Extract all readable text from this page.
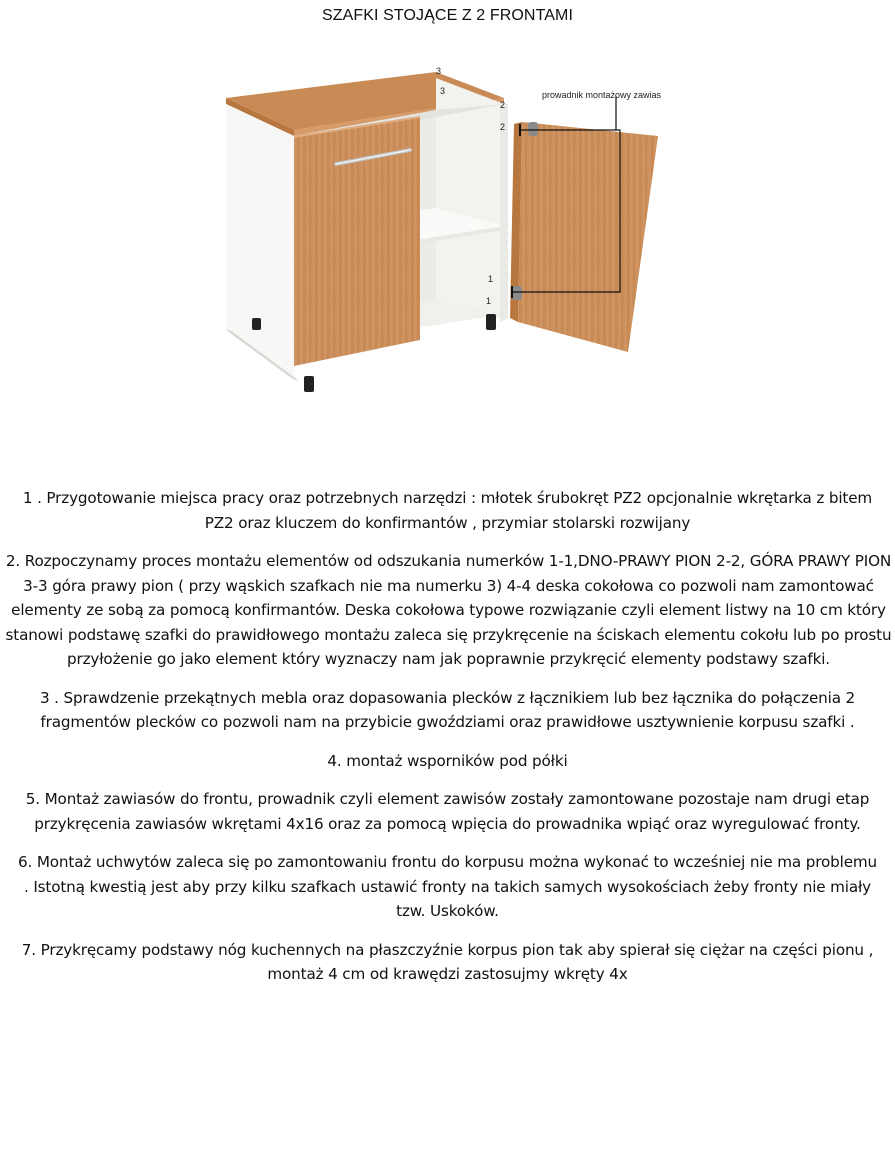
SZAFKI STOJĄCE Z 2 FRONTAMI
3
3
2
2
1
1
prowadnik montażowy zawias

1 . Przygotowanie miejsca pracy oraz potrzebnych narzędzi : młotek śrubokręt PZ2 opcjonalnie wkrętarka z bitem PZ2 oraz kluczem do konfirmantów , przymiar stolarski rozwijany

2. Rozpoczynamy proces montażu elementów od odszukania numerków 1-1,DNO-PRAWY PION 2-2, GÓRA PRAWY PION 3-3 góra prawy pion ( przy wąskich szafkach nie ma numerku 3) 4-4 deska cokołowa co pozwoli nam zamontować elementy ze sobą za pomocą konfirmantów. Deska cokołowa typowe rozwiązanie czyli element listwy na 10 cm który stanowi podstawę szafki do prawidłowego montażu zaleca się przykręcenie na ściskach elementu cokołu lub po prostu przyłożenie go jako element który wyznaczy nam jak poprawnie przykręcić elementy podstawy szafki.

3 . Sprawdzenie przekątnych mebla oraz dopasowania plecków z łącznikiem lub bez łącznika do połączenia 2 fragmentów plecków co pozwoli nam na przybicie gwoździami oraz prawidłowe usztywnienie korpusu szafki .

4. montaż wsporników pod półki

5. Montaż zawiasów do frontu, prowadnik czyli element zawisów zostały zamontowane pozostaje nam drugi etap przykręcenia zawiasów wkrętami 4x16 oraz za pomocą wpięcia do prowadnika wpiąć oraz wyregulować fronty.

6. Montaż uchwytów zaleca się po zamontowaniu frontu do korpusu można wykonać to wcześniej nie ma problemu . Istotną kwestią jest aby przy kilku szafkach ustawić fronty na takich samych wysokościach żeby fronty nie miały tzw. Uskoków.

7. Przykręcamy podstawy nóg kuchennych na płaszczyźnie korpus pion tak aby spierał się ciężar na części pionu , montaż 4 cm od krawędzi zastosujmy wkręty 4x
